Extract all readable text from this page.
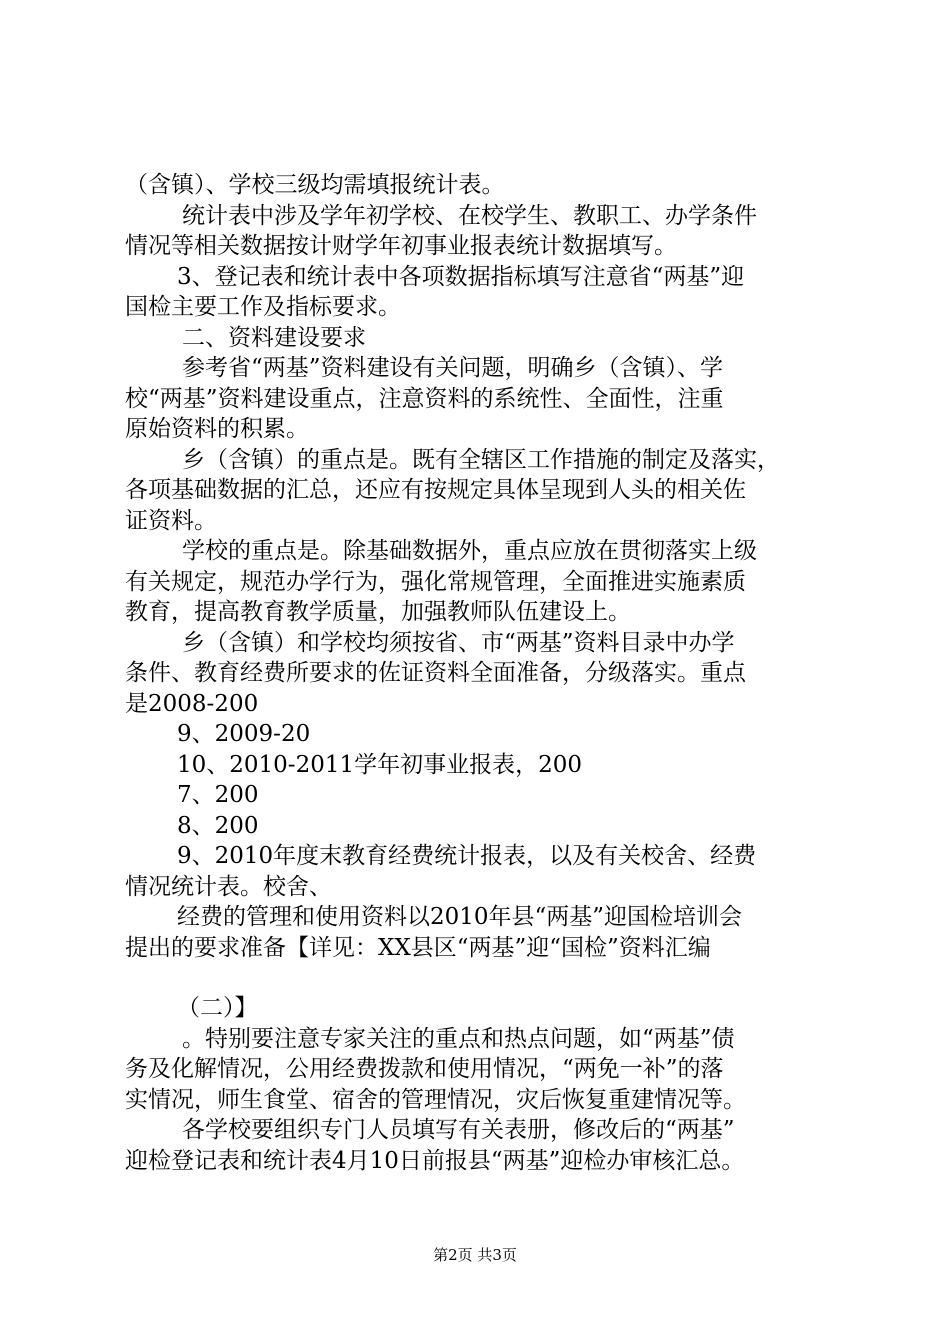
（含镇）、学校三级均需填报统计表。
统计表中涉及学年初学校、在校学生、教职工、办学条件
情况等相关数据按计财学年初事业报表统计数据填写。
3、登记表和统计表中各项数据指标填写注意省“两基”迎
国检主要工作及指标要求。
二、资料建设要求
参考省“两基”资料建设有关问题，明确乡（含镇）、学
校“两基”资料建设重点，注意资料的系统性、全面性，注重
原始资料的积累。
乡（含镇）的重点是。既有全辖区工作措施的制定及落实，
各项基础数据的汇总，还应有按规定具体呈现到人头的相关佐
证资料。
学校的重点是。除基础数据外，重点应放在贯彻落实上级
有关规定，规范办学行为，强化常规管理，全面推进实施素质
教育，提高教育教学质量，加强教师队伍建设上。
乡（含镇）和学校均须按省、市“两基”资料目录中办学
条件、教育经费所要求的佐证资料全面准备，分级落实。重点
是2008-200
9、2009-20
10、2010-2011学年初事业报表，200
7、200
8、200
9、2010年度末教育经费统计报表，以及有关校舍、经费
情况统计表。校舍、
经费的管理和使用资料以2010年县“两基”迎国检培训会
提出的要求准备【详见：XX县区“两基”迎“国检”资料汇编
（二）】
。特别要注意专家关注的重点和热点问题，如“两基”债
务及化解情况，公用经费拨款和使用情况，“两免一补”的落
实情况，师生食堂、宿舍的管理情况，灾后恢复重建情况等。
各学校要组织专门人员填写有关表册，修改后的“两基”
迎检登记表和统计表4月10日前报县“两基”迎检办审核汇总。
第2页 共3页
